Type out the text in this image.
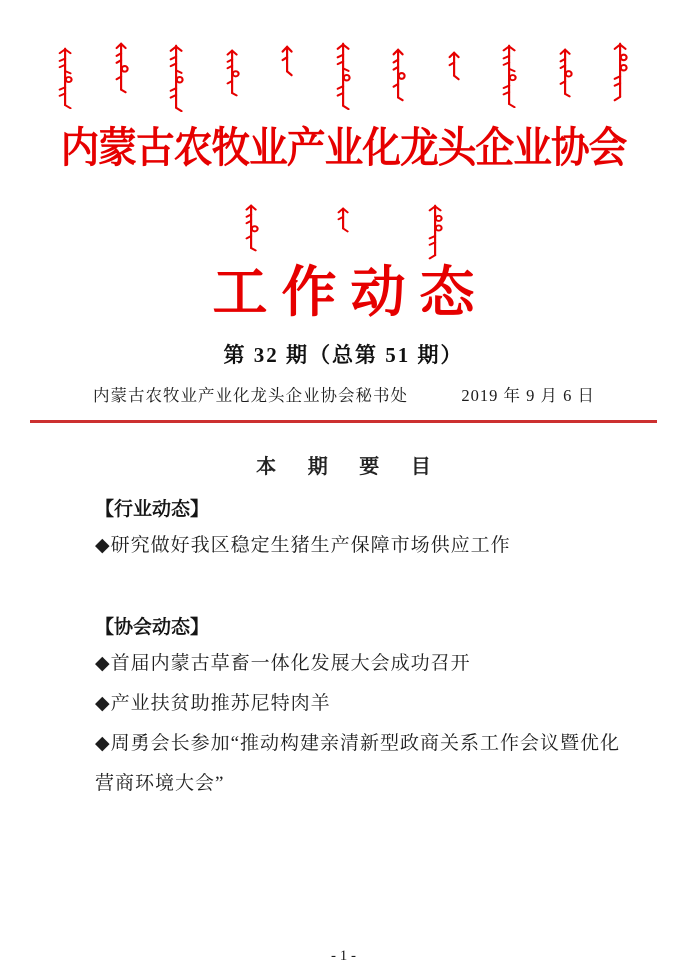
内蒙古农牧业产业化龙头企业协会
工作动态
第 32 期（总第 51 期）
内蒙古农牧业产业化龙头企业协会秘书处	2019 年 9 月 6 日
本 期 要 目
【行业动态】
◆研究做好我区稳定生猪生产保障市场供应工作
【协会动态】
◆首届内蒙古草畜一体化发展大会成功召开
◆产业扶贫助推苏尼特肉羊
◆周勇会长参加“推动构建亲清新型政商关系工作会议暨优化营商环境大会”
- 1 -
